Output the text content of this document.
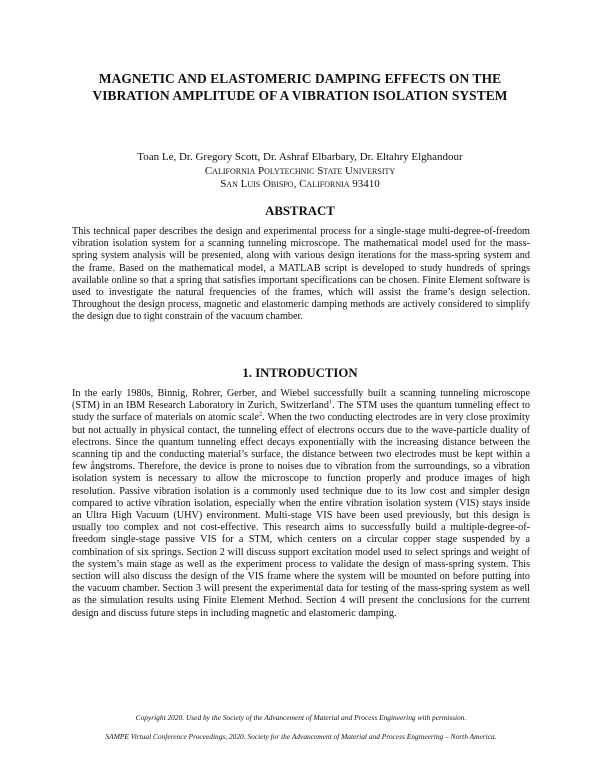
MAGNETIC AND ELASTOMERIC DAMPING EFFECTS ON THE VIBRATION AMPLITUDE OF A VIBRATION ISOLATION SYSTEM
Toan Le, Dr. Gregory Scott, Dr. Ashraf Elbarbary, Dr. Eltahry Elghandour
California Polytechnic State University
San Luis Obispo, California 93410
ABSTRACT

This technical paper describes the design and experimental process for a single-stage multi-degree-of-freedom vibration isolation system for a scanning tunneling microscope. The mathematical model used for the mass-spring system analysis will be presented, along with various design iterations for the mass-spring system and the frame. Based on the mathematical model, a MATLAB script is developed to study hundreds of springs available online so that a spring that satisfies important specifications can be chosen. Finite Element software is used to investigate the natural frequencies of the frames, which will assist the frame’s design selection. Throughout the design process, magnetic and elastomeric damping methods are actively considered to simplify the design due to tight constrain of the vacuum chamber.

1. INTRODUCTION

In the early 1980s, Binnig, Rohrer, Gerber, and Wiebel successfully built a scanning tunneling microscope (STM) in an IBM Research Laboratory in Zurich, Switzerland$^1$. The STM uses the quantum tunneling effect to study the surface of materials on atomic scale$^2$. When the two conducting electrodes are in very close proximity but not actually in physical contact, the tunneling effect of electrons occurs due to the wave-particle duality of electrons. Since the quantum tunneling effect decays exponentially with the increasing distance between the scanning tip and the conducting material’s surface, the distance between two electrodes must be kept within a few ångstroms. Therefore, the device is prone to noises due to vibration from the surroundings, so a vibration isolation system is necessary to allow the microscope to function properly and produce images of high resolution. Passive vibration isolation is a commonly used technique due to its low cost and simpler design compared to active vibration isolation, especially when the entire vibration isolation system (VIS) stays inside an Ultra High Vacuum (UHV) environment. Multi-stage VIS have been used previously, but this design is usually too complex and not cost-effective. This research aims to successfully build a multiple-degree-of-freedom single-stage passive VIS for a STM, which centers on a circular copper stage suspended by a combination of six springs. Section 2 will discuss support excitation model used to select springs and weight of the system’s main stage as well as the experiment process to validate the design of mass-spring system. This section will also discuss the design of the VIS frame where the system will be mounted on before putting into the vacuum chamber. Section 3 will present the experimental data for testing of the mass-spring system as well as the simulation results using Finite Element Method. Section 4 will present the conclusions for the current design and discuss future steps in including magnetic and elastomeric damping.

Copyright 2020. Used by the Society of the Advancement of Material and Process Engineering with permission.
SAMPE Virtual Conference Proceedings, 2020. Society for the Advancement of Material and Process Engineering – North America.
